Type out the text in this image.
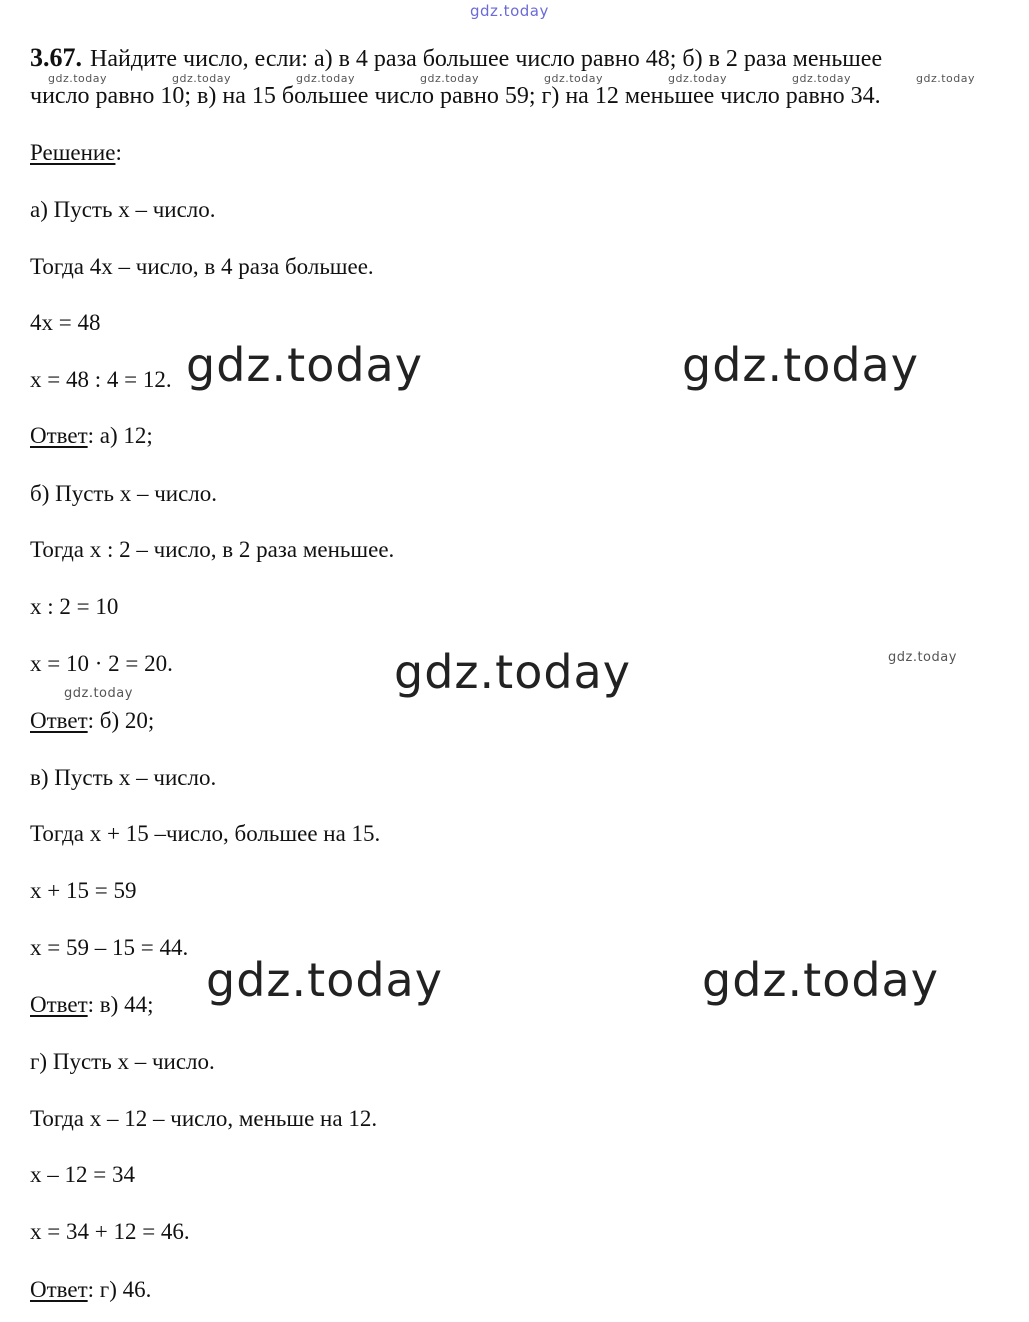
gdz.today
3.67. Найдите число, если: а) в 4 раза большее число равно 48; б) в 2 раза меньшее
число равно 10; в) на 15 большее число равно 59; г) на 12 меньшее число равно 34.
gdz.today	gdz.today	gdz.today	gdz.today	gdz.today	gdz.today	gdz.today	gdz.today
Решение:
а) Пусть х – число.
Тогда 4х – число, в 4 раза большее.
4х = 48
х = 48 : 4 = 12.
Ответ: а) 12;
б) Пусть х – число.
Тогда х : 2 – число, в 2 раза меньшее.
х : 2 = 10
х = 10 · 2 = 20.
Ответ: б) 20;
в) Пусть х – число.
Тогда х + 15 –число, большее на 15.
х + 15 = 59
х = 59 – 15 = 44.
Ответ: в) 44;
г) Пусть х – число.
Тогда х – 12 – число, меньше на 12.
х – 12 = 34
х = 34 + 12 = 46.
Ответ: г) 46.
gdz.today	gdz.today
gdz.today
gdz.today	gdz.today
gdz.today
gdz.today
